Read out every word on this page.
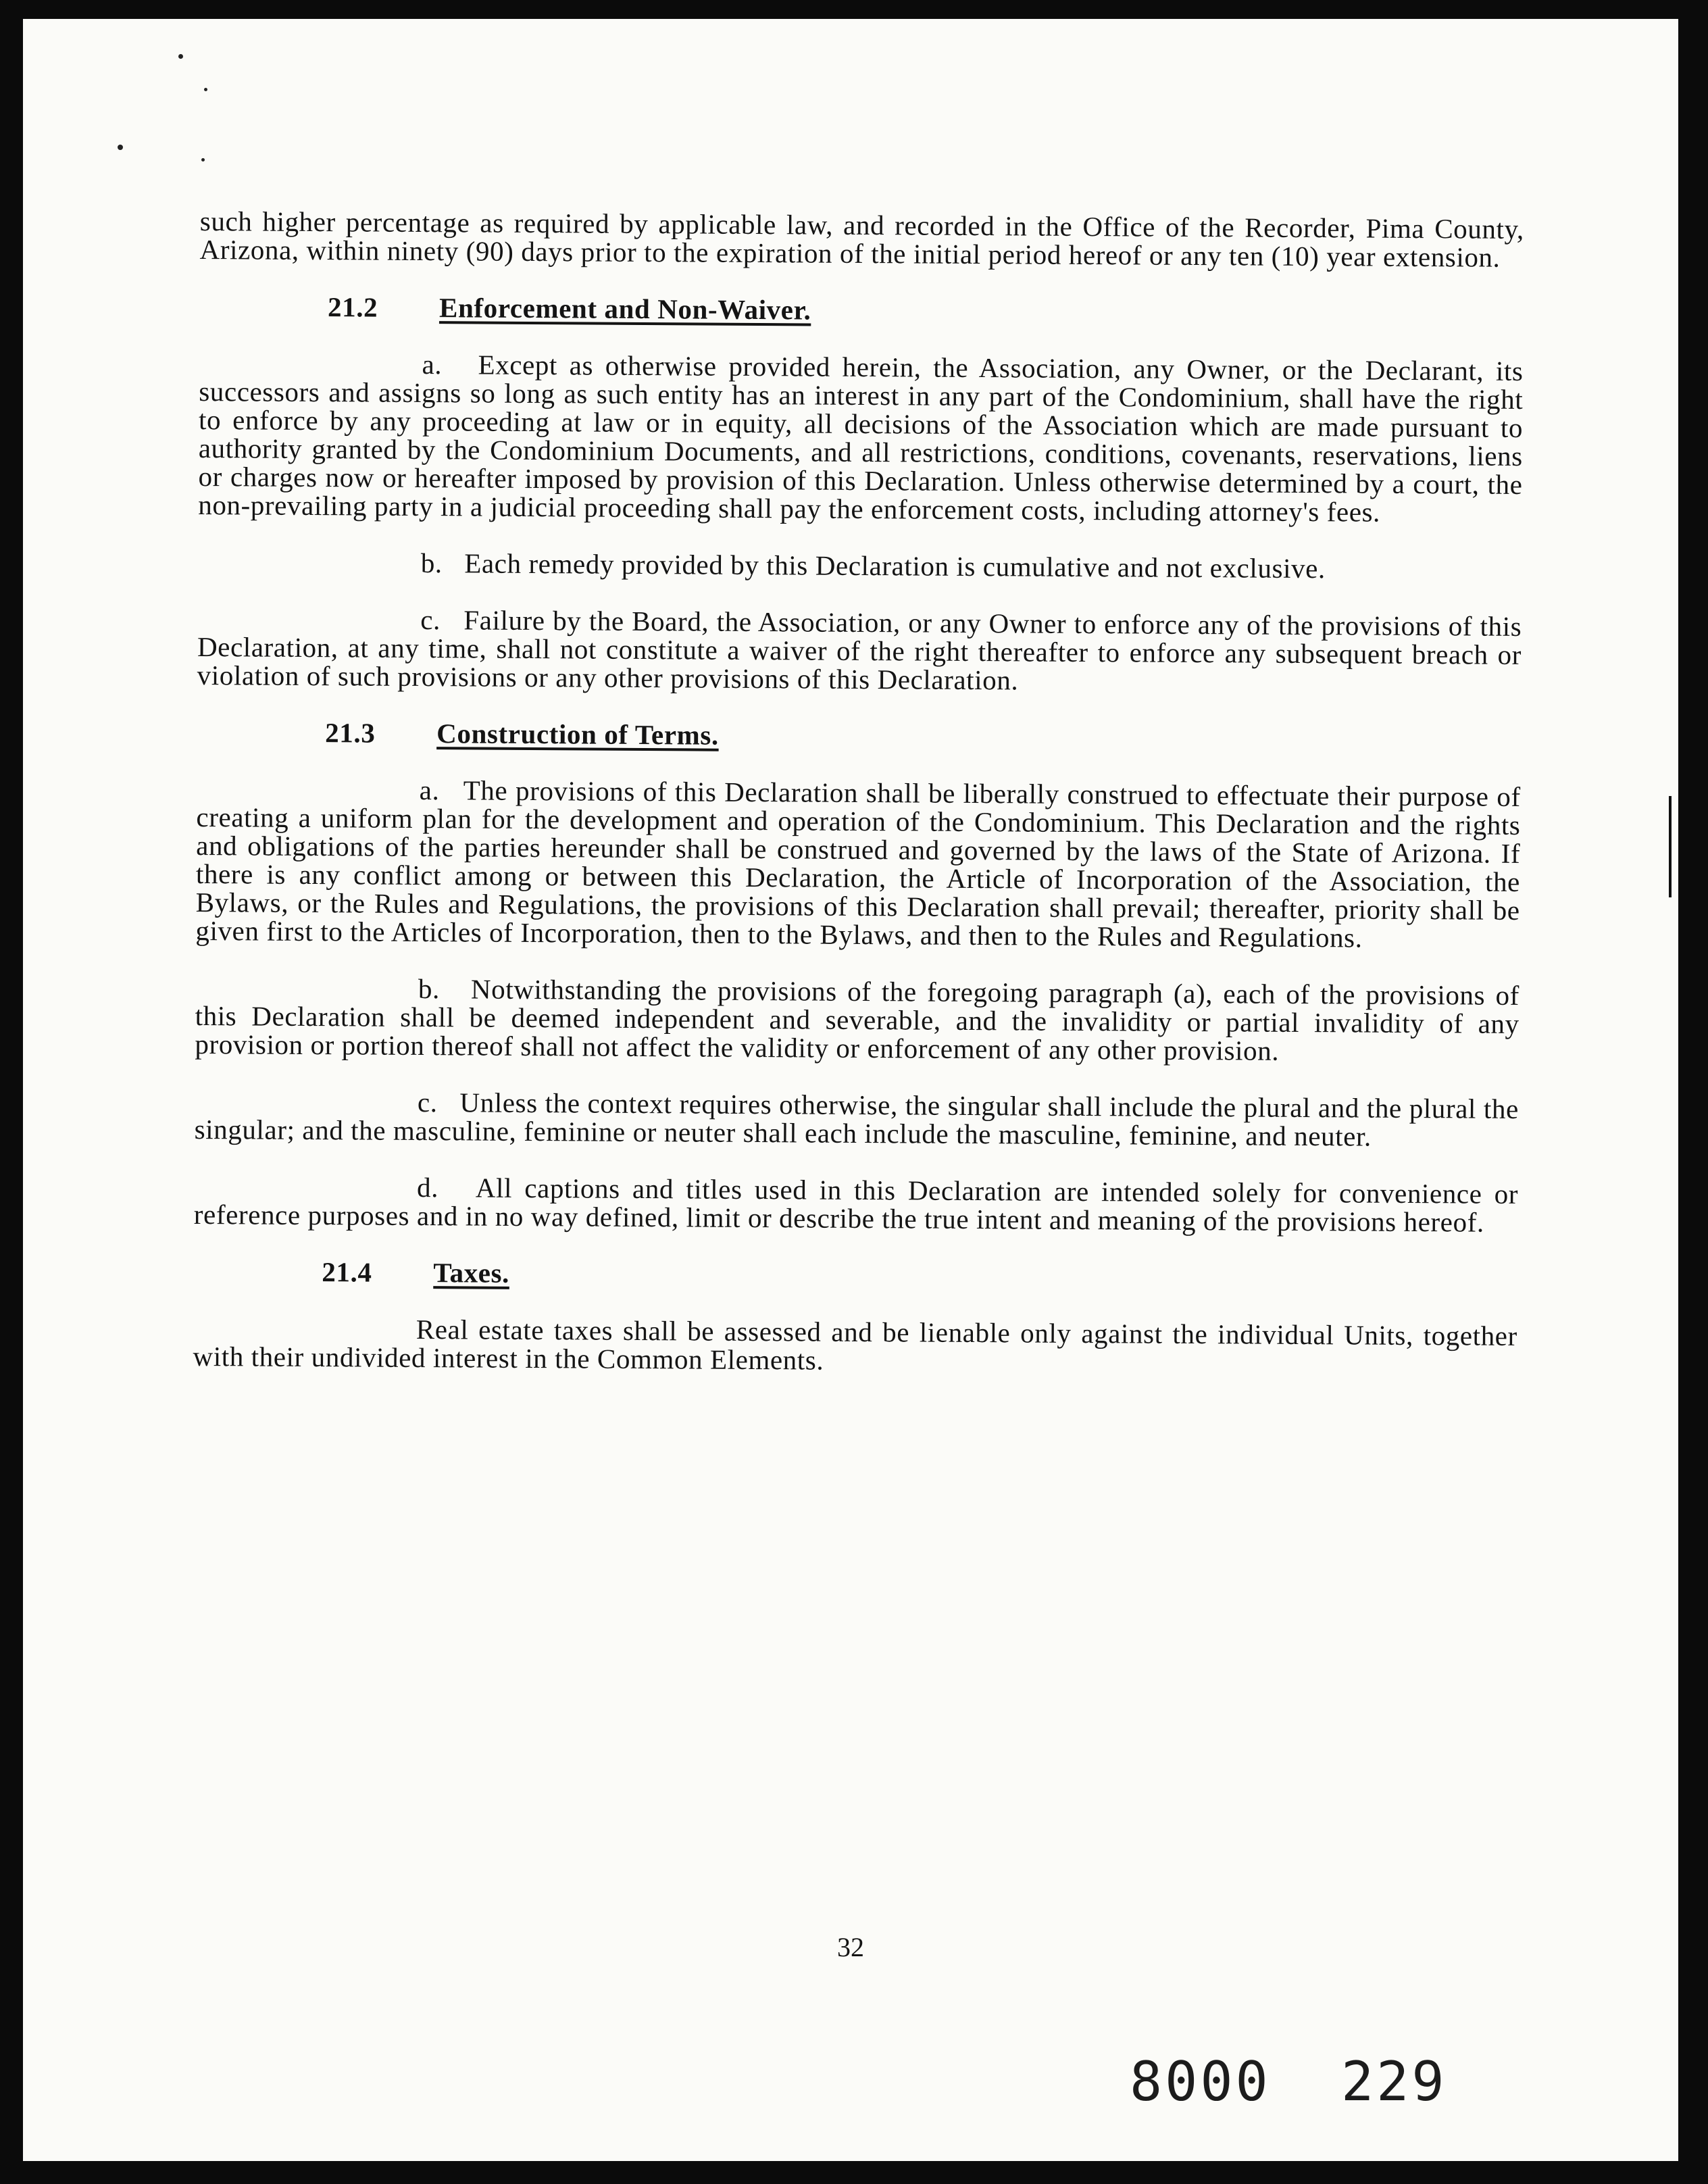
such higher percentage as required by applicable law, and recorded in the Office of the Recorder, Pima County, Arizona, within ninety (90) days prior to the expiration of the initial period hereof or any ten (10) year extension.

21.2	Enforcement and Non-Waiver.

a.   Except as otherwise provided herein, the Association, any Owner, or the Declarant, its successors and assigns so long as such entity has an interest in any part of the Condominium, shall have the right to enforce by any proceeding at law or in equity, all decisions of the Association which are made pursuant to authority granted by the Condominium Documents, and all restrictions, conditions, covenants, reservations, liens or charges now or hereafter imposed by provision of this Declaration. Unless otherwise determined by a court, the non-prevailing party in a judicial proceeding shall pay the enforcement costs, including attorney's fees.

b.   Each remedy provided by this Declaration is cumulative and not exclusive.

c.   Failure by the Board, the Association, or any Owner to enforce any of the provisions of this Declaration, at any time, shall not constitute a waiver of the right thereafter to enforce any subsequent breach or violation of such provisions or any other provisions of this Declaration.

21.3	Construction of Terms.

a.   The provisions of this Declaration shall be liberally construed to effectuate their purpose of creating a uniform plan for the development and operation of the Condominium. This Declaration and the rights and obligations of the parties hereunder shall be construed and governed by the laws of the State of Arizona. If there is any conflict among or between this Declaration, the Article of Incorporation of the Association, the Bylaws, or the Rules and Regulations, the provisions of this Declaration shall prevail; thereafter, priority shall be given first to the Articles of Incorporation, then to the Bylaws, and then to the Rules and Regulations.

b.   Notwithstanding the provisions of the foregoing paragraph (a), each of the provisions of this Declaration shall be deemed independent and severable, and the invalidity or partial invalidity of any provision or portion thereof shall not affect the validity or enforcement of any other provision.

c.   Unless the context requires otherwise, the singular shall include the plural and the plural the singular; and the masculine, feminine or neuter shall each include the masculine, feminine, and neuter.

d.   All captions and titles used in this Declaration are intended solely for convenience or reference purposes and in no way defined, limit or describe the true intent and meaning of the provisions hereof.

21.4	Taxes.

Real estate taxes shall be assessed and be lienable only against the individual Units, together with their undivided interest in the Common Elements.

32
8000  229
